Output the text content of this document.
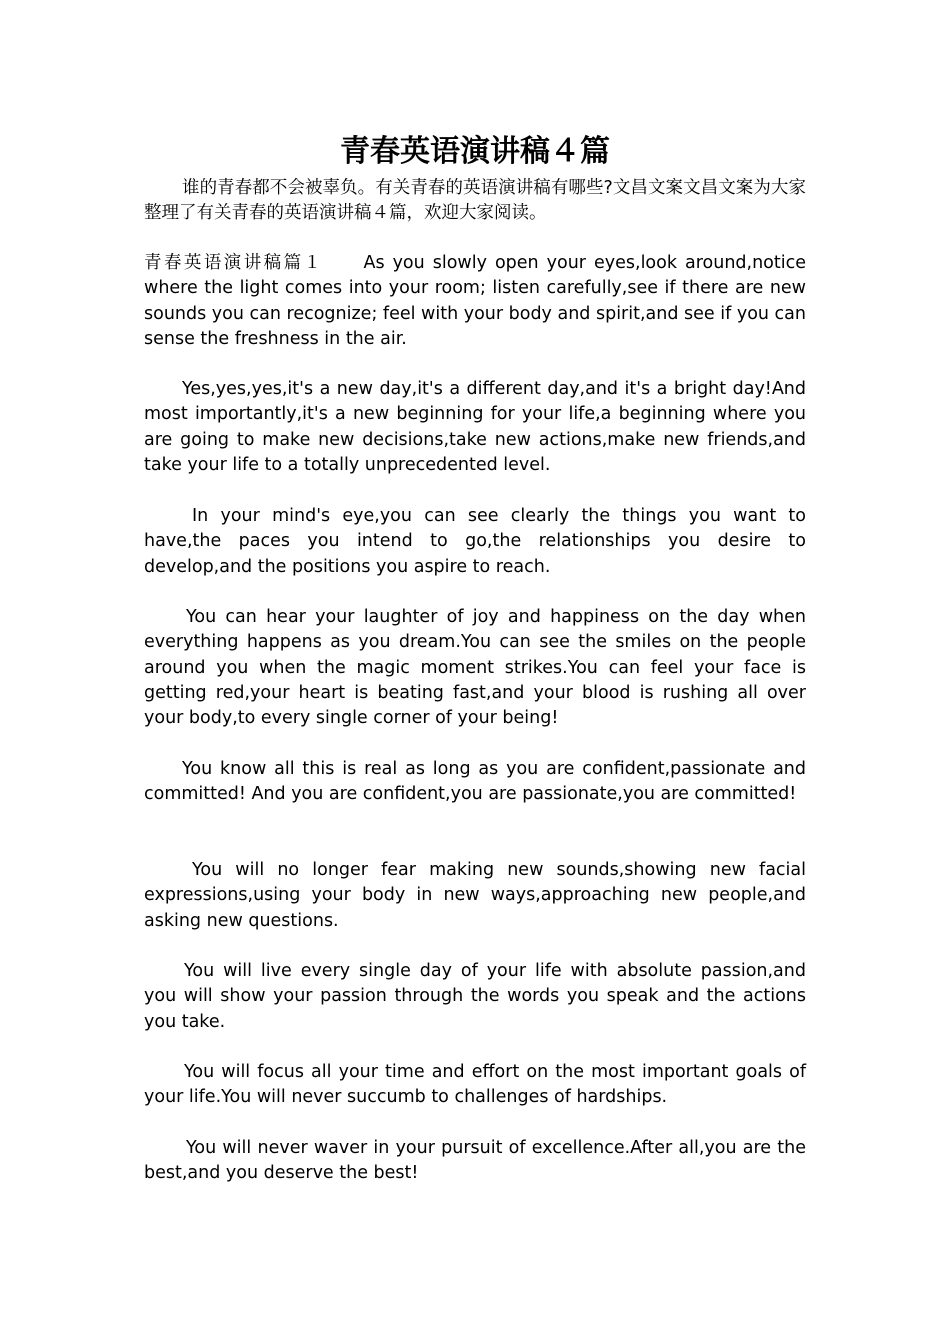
青春英语演讲稿４篇

谁的青春都不会被辜负。有关青春的英语演讲稿有哪些?文昌文案文昌文案为大家整理了有关青春的英语演讲稿４篇，欢迎大家阅读。

青春英语演讲稿篇１ As you slowly open your eyes,look around,notice where the light comes into your room; listen carefully,see if there are new sounds you can recognize; feel with your body and spirit,and see if you can sense the freshness in the air.

Yes,yes,yes,it's a new day,it's a different day,and it's a bright day!And most importantly,it's a new beginning for your life,a beginning where you are going to make new decisions,take new actions,make new friends,and take your life to a totally unprecedented level.

In your mind's eye,you can see clearly the things you want to have,the paces you intend to go,the relationships you desire to develop,and the positions you aspire to reach.

You can hear your laughter of joy and happiness on the day when everything happens as you dream.You can see the smiles on the people around you when the magic moment strikes.You can feel your face is getting red,your heart is beating fast,and your blood is rushing all over your body,to every single corner of your being!

You know all this is real as long as you are confident,passionate and committed! And you are confident,you are passionate,you are committed!

You will no longer fear making new sounds,showing new facial expressions,using your body in new ways,approaching new people,and asking new questions.

You will live every single day of your life with absolute passion,and you will show your passion through the words you speak and the actions you take.

You will focus all your time and effort on the most important goals of your life.You will never succumb to challenges of hardships.

You will never waver in your pursuit of excellence.After all,you are the best,and you deserve the best!
